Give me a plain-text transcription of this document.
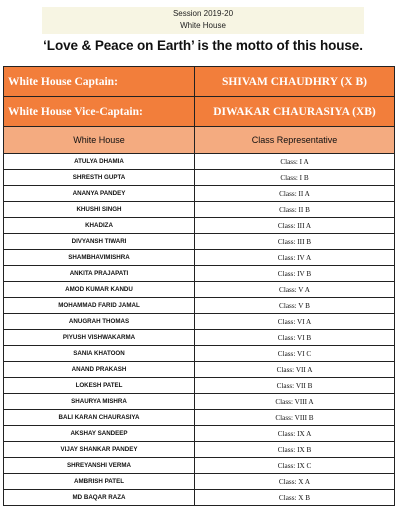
Session 2019-20
White House
‘Love & Peace on Earth’ is the motto of this house.
White House Captain:	SHIVAM CHAUDHRY (X B)
White House Vice-Captain:	DIWAKAR CHAURASIYA (XB)
White House	Class Representative
ATULYA DHAMIA	Class: I A
SHRESTH GUPTA	Class: I B
ANANYA PANDEY	Class: II A
KHUSHI SINGH	Class: II B
KHADIZA	Class: III A
DIVYANSH TIWARI	Class: III B
SHAMBHAVIMISHRA	Class: IV A
ANKITA PRAJAPATI	Class: IV B
AMOD KUMAR KANDU	Class: V A
MOHAMMAD FARID JAMAL	Class: V B
ANUGRAH THOMAS	Class: VI A
PIYUSH VISHWAKARMA	Class: VI B
SANIA KHATOON	Class: VI C
ANAND PRAKASH	Class: VII A
LOKESH PATEL	Class: VII B
SHAURYA MISHRA	Class: VIII A
BALI KARAN CHAURASIYA	Class: VIII B
AKSHAY SANDEEP	Class: IX A
VIJAY SHANKAR PANDEY	Class: IX B
SHREYANSHI VERMA	Class: IX C
AMBRISH PATEL	Class: X A
MD BAQAR RAZA	Class: X B
